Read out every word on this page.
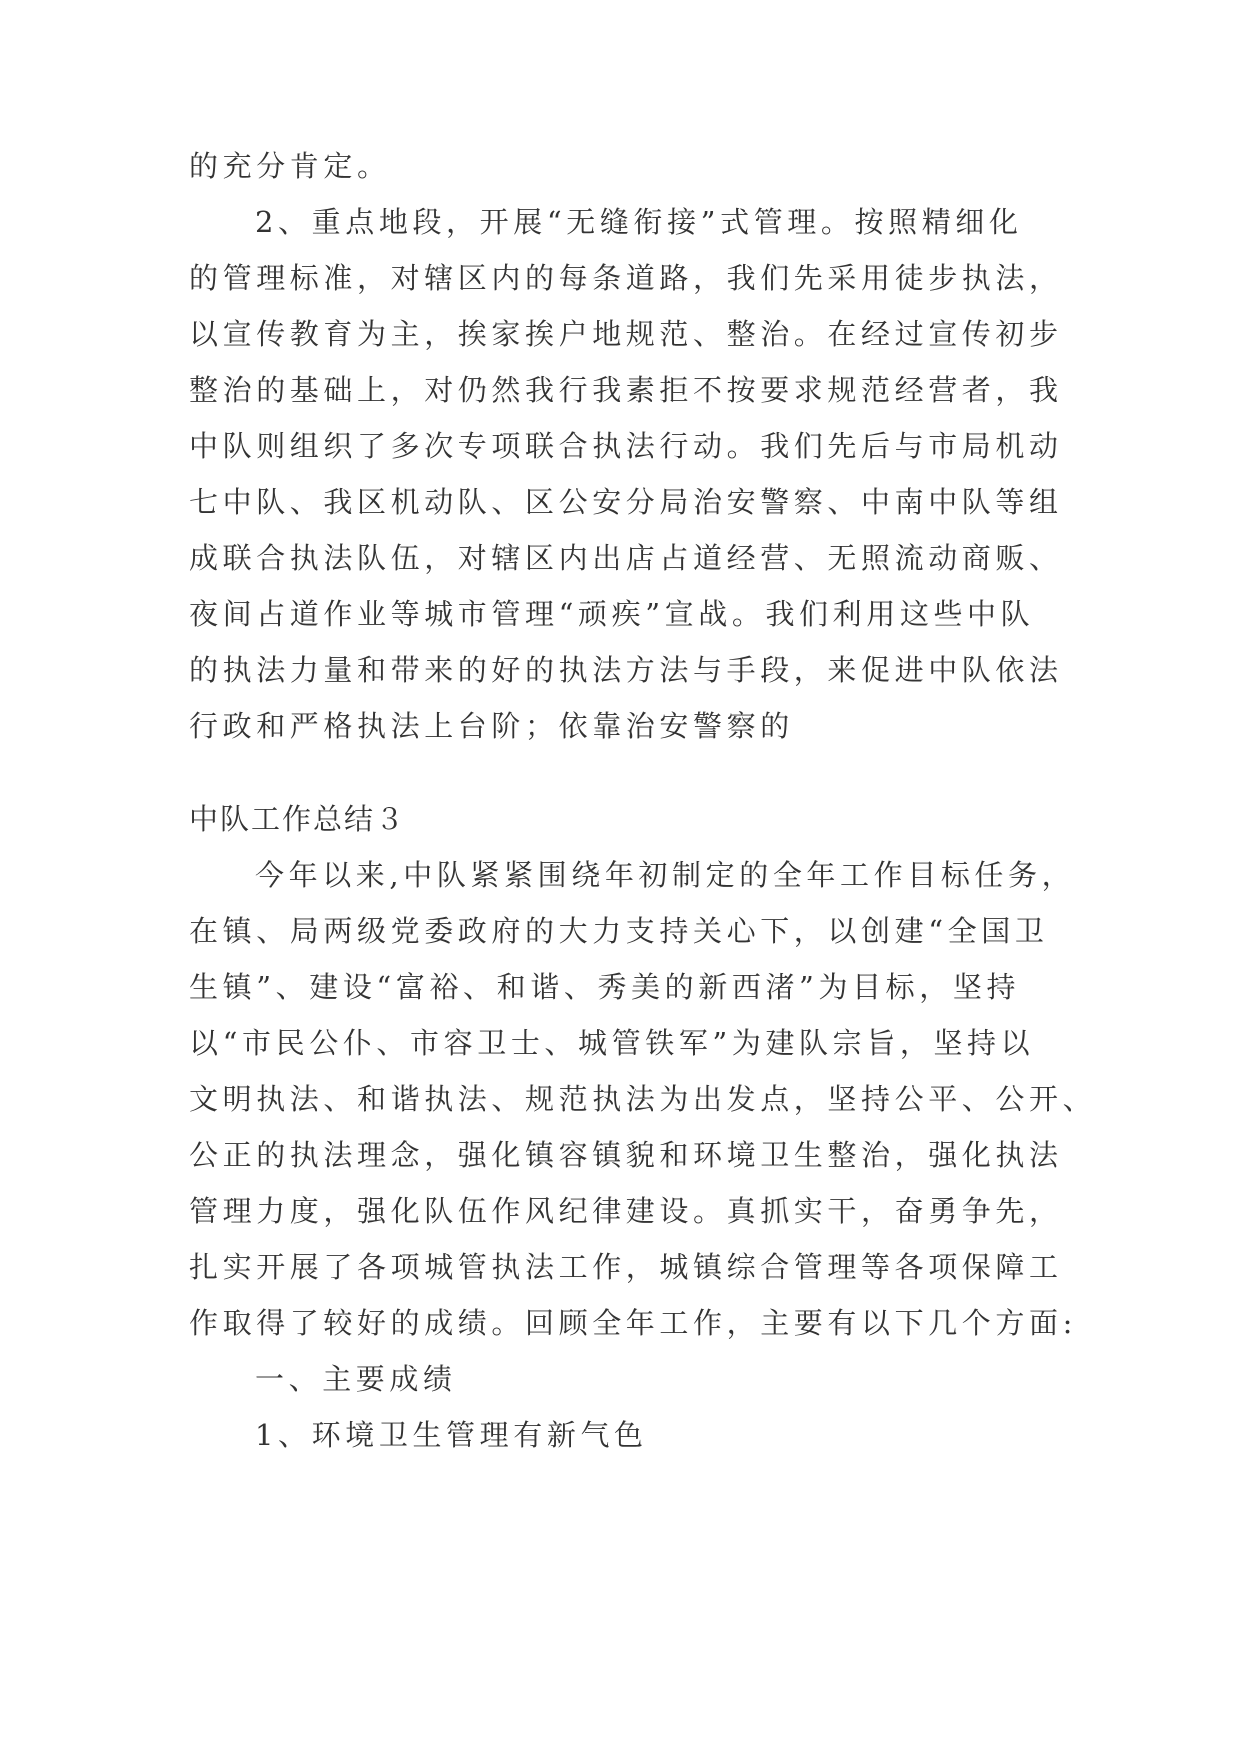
的充分肯定。
2、重点地段，开展“无缝衔接”式管理。按照精细化
的管理标准，对辖区内的每条道路，我们先采用徒步执法，
以宣传教育为主，挨家挨户地规范、整治。在经过宣传初步
整治的基础上，对仍然我行我素拒不按要求规范经营者，我
中队则组织了多次专项联合执法行动。我们先后与市局机动
七中队、我区机动队、区公安分局治安警察、中南中队等组
成联合执法队伍，对辖区内出店占道经营、无照流动商贩、
夜间占道作业等城市管理“顽疾”宣战。我们利用这些中队
的执法力量和带来的好的执法方法与手段，来促进中队依法
行政和严格执法上台阶；依靠治安警察的
中队工作总结３
今年以来,中队紧紧围绕年初制定的全年工作目标任务，
在镇、局两级党委政府的大力支持关心下，以创建“全国卫
生镇”、建设“富裕、和谐、秀美的新西渚”为目标，坚持
以“市民公仆、市容卫士、城管铁军”为建队宗旨，坚持以
文明执法、和谐执法、规范执法为出发点，坚持公平、公开、
公正的执法理念，强化镇容镇貌和环境卫生整治，强化执法
管理力度，强化队伍作风纪律建设。真抓实干，奋勇争先，
扎实开展了各项城管执法工作，城镇综合管理等各项保障工
作取得了较好的成绩。回顾全年工作，主要有以下几个方面:
一、主要成绩
1、环境卫生管理有新气色
